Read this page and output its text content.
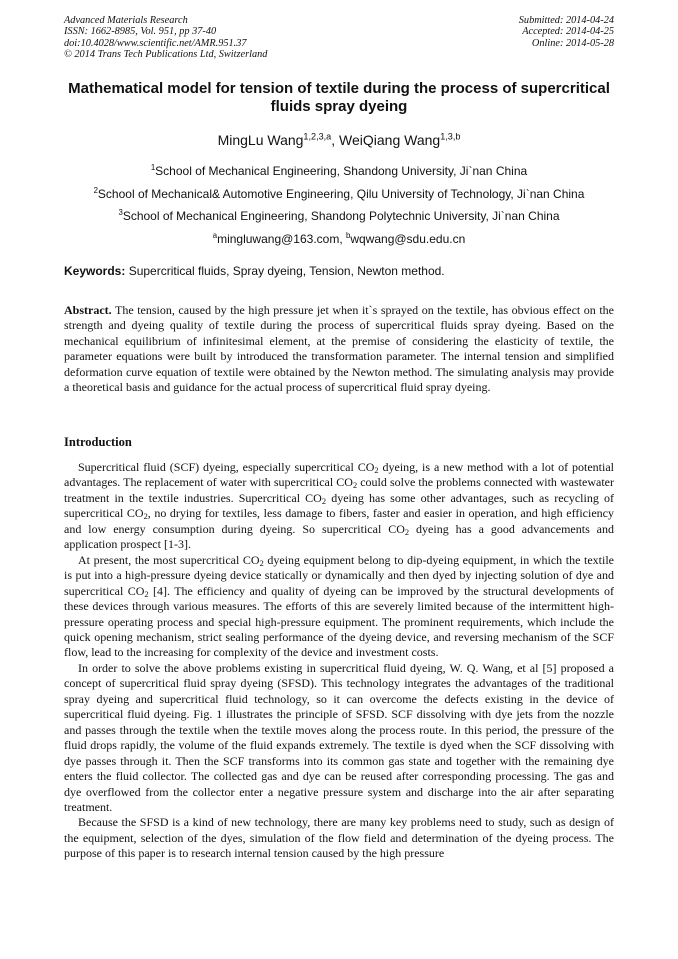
Advanced Materials Research
ISSN: 1662-8985, Vol. 951, pp 37-40
doi:10.4028/www.scientific.net/AMR.951.37
© 2014 Trans Tech Publications Ltd, Switzerland
Submitted: 2014-04-24
Accepted: 2014-04-25
Online: 2014-05-28
Mathematical model for tension of textile during the process of supercritical fluids spray dyeing
MingLu Wang$^{1,2,3,a}$, WeiQiang Wang$^{1,3,b}$
$^1$School of Mechanical Engineering, Shandong University, Ji`nan China
$^2$School of Mechanical& Automotive Engineering, Qilu University of Technology, Ji`nan China
$^3$School of Mechanical Engineering, Shandong Polytechnic University, Ji`nan China
$^a$mingluwang@163.com, $^b$wqwang@sdu.edu.cn
Keywords: Supercritical fluids, Spray dyeing, Tension, Newton method.
Abstract. The tension, caused by the high pressure jet when it`s sprayed on the textile, has obvious effect on the strength and dyeing quality of textile during the process of supercritical fluids spray dyeing. Based on the mechanical equilibrium of infinitesimal element, at the premise of considering the elasticity of textile, the parameter equations were built by introduced the transformation parameter. The internal tension and simplified deformation curve equation of textile were obtained by the Newton method. The simulating analysis may provide a theoretical basis and guidance for the actual process of supercritical fluid spray dyeing.
Introduction

Supercritical fluid (SCF) dyeing, especially supercritical $CO_2$ dyeing, is a new method with a lot of potential advantages. The replacement of water with supercritical $CO_2$ could solve the problems connected with wastewater treatment in the textile industries. Supercritical $CO_2$ dyeing has some other advantages, such as recycling of supercritical $CO_2$, no drying for textiles, less damage to fibers, faster and easier in operation, and high efficiency and low energy consumption during dyeing. So supercritical $CO_2$ dyeing has a good advancements and application prospect [1-3].

At present, the most supercritical $CO_2$ dyeing equipment belong to dip-dyeing equipment, in which the textile is put into a high-pressure dyeing device statically or dynamically and then dyed by injecting solution of dye and supercritical $CO_2$ [4]. The efficiency and quality of dyeing can be improved by the structural developments of these devices through various measures. The efforts of this are severely limited because of the intermittent high-pressure operating process and special high-pressure equipment. The prominent requirements, which include the quick opening mechanism, strict sealing performance of the dyeing device, and reversing mechanism of the SCF flow, lead to the increasing for complexity of the device and investment costs.

In order to solve the above problems existing in supercritical fluid dyeing, W. Q. Wang, et al [5] proposed a concept of supercritical fluid spray dyeing (SFSD). This technology integrates the advantages of the traditional spray dyeing and supercritical fluid technology, so it can overcome the defects existing in the device of supercritical fluid dyeing. Fig. 1 illustrates the principle of SFSD. SCF dissolving with dye jets from the nozzle and passes through the textile when the textile moves along the process route. In this period, the pressure of the fluid drops rapidly, the volume of the fluid expands extremely. The textile is dyed when the SCF dissolving with dye passes through it. Then the SCF transforms into its common gas state and together with the remaining dye enters the fluid collector. The collected gas and dye can be reused after corresponding processing. The gas and dye overflowed from the collector enter a negative pressure system and discharge into the air after separating treatment.

Because the SFSD is a kind of new technology, there are many key problems need to study, such as design of the equipment, selection of the dyes, simulation of the flow field and determination of the dyeing process. The purpose of this paper is to research internal tension caused by the high pressure
